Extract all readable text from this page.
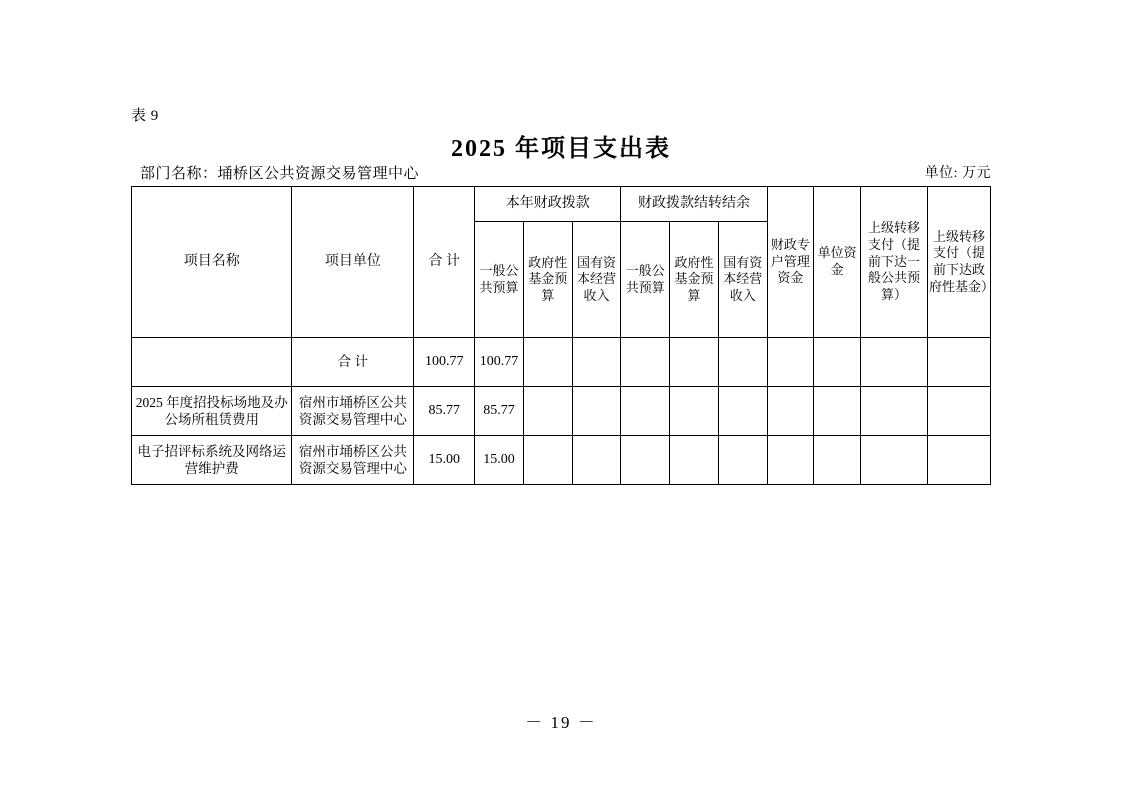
表 9
2025 年项目支出表
部门名称：埇桥区公共资源交易管理中心	单位: 万元
项目名称	项目单位	合 计	本年财政拨款			财政拨款结转结余			财政专户管理资金	单位资金	上级转移支付（提前下达一般公共预算）	上级转移支付（提前下达政府性基金）
			一般公共预算	政府性基金预算	国有资本经营收入	一般公共预算	政府性基金预算	国有资本经营收入				
	合 计	100.77	100.77									
2025 年度招投标场地及办公场所租赁费用	宿州市埇桥区公共资源交易管理中心	85.77	85.77									
电子招评标系统及网络运营维护费	宿州市埇桥区公共资源交易管理中心	15.00	15.00									
－ 19 －
